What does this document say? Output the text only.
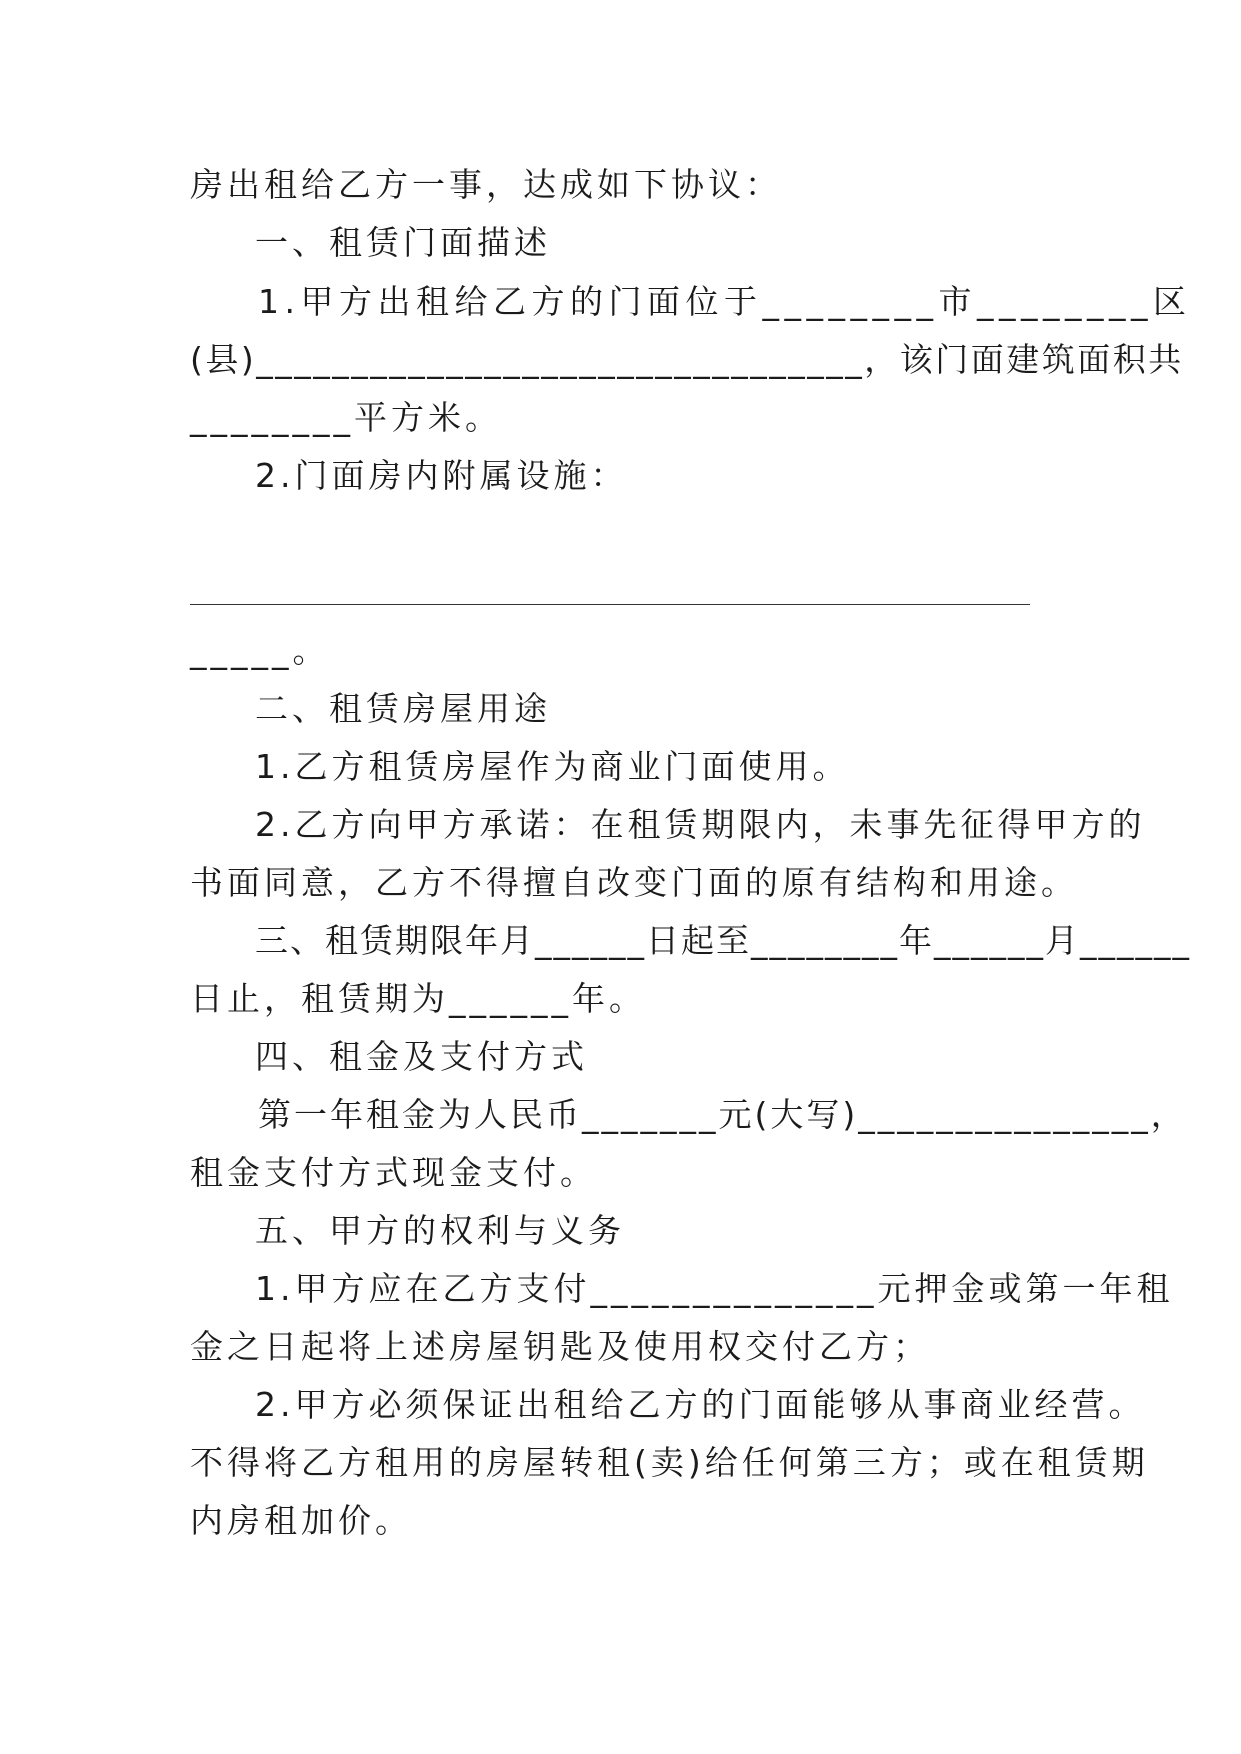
房出租给乙方一事，达成如下协议：
一、租赁门面描述
1.甲方出租给乙方的门面位于________市________区
(县)________________________________，该门面建筑面积共
________平方米。
2.门面房内附属设施：
_____。
二、租赁房屋用途
1.乙方租赁房屋作为商业门面使用。
2.乙方向甲方承诺：在租赁期限内，未事先征得甲方的
书面同意，乙方不得擅自改变门面的原有结构和用途。
三、租赁期限年月______日起至________年______月______
日止，租赁期为______年。
四、租金及支付方式
第一年租金为人民币_______元(大写)_______________，
租金支付方式现金支付。
五、甲方的权利与义务
1.甲方应在乙方支付______________元押金或第一年租
金之日起将上述房屋钥匙及使用权交付乙方；
2.甲方必须保证出租给乙方的门面能够从事商业经营。
不得将乙方租用的房屋转租(卖)给任何第三方；或在租赁期
内房租加价。
